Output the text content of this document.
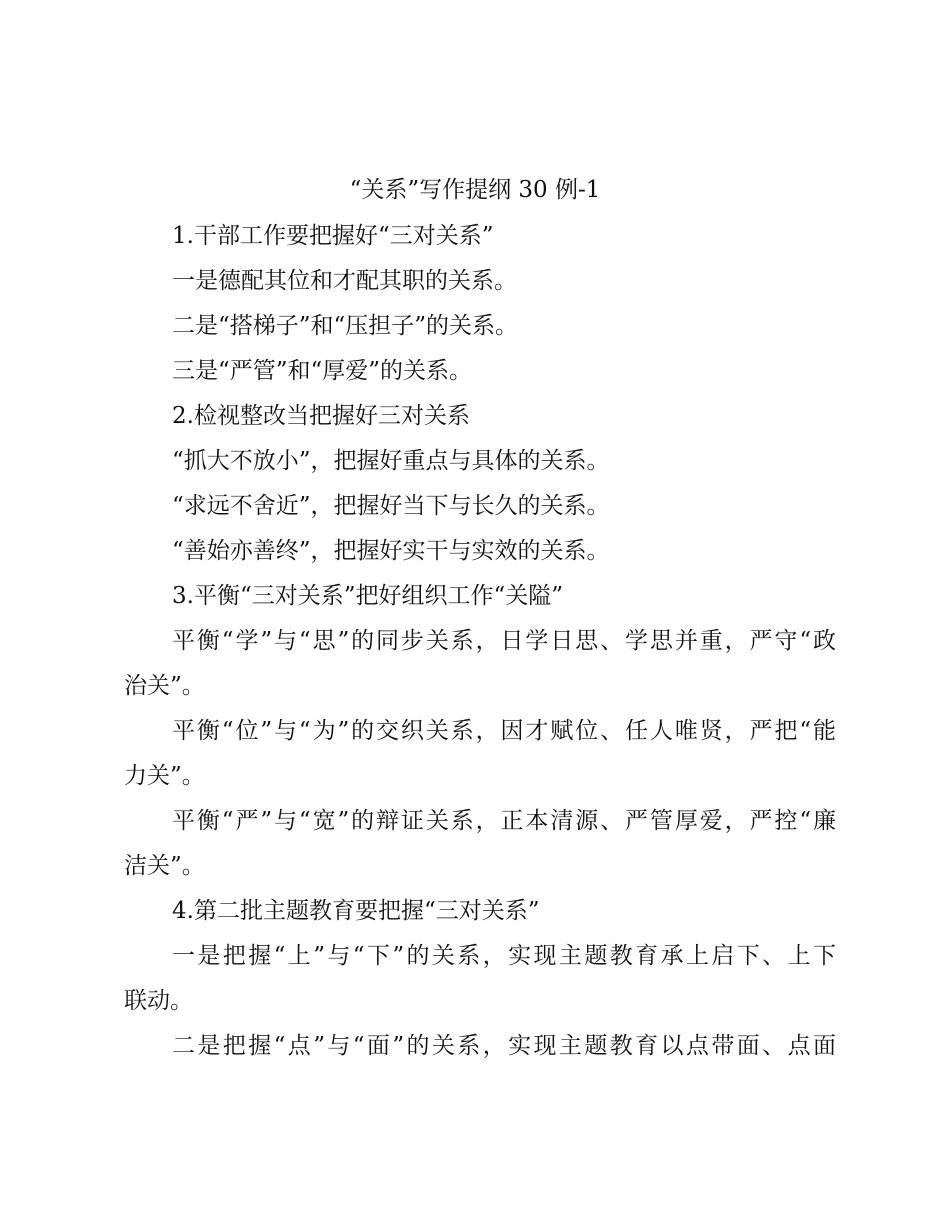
“关系”写作提纲 30 例-1

1.干部工作要把握好“三对关系”

一是德配其位和才配其职的关系。

二是“搭梯子”和“压担子”的关系。

三是“严管”和“厚爱”的关系。

2.检视整改当把握好三对关系

“抓大不放小”，把握好重点与具体的关系。

“求远不舍近”，把握好当下与长久的关系。

“善始亦善终”，把握好实干与实效的关系。

3.平衡“三对关系”把好组织工作“关隘”

平衡“学”与“思”的同步关系，日学日思、学思并重，严守“政

治关”。

平衡“位”与“为”的交织关系，因才赋位、任人唯贤，严把“能

力关”。

平衡“严”与“宽”的辩证关系，正本清源、严管厚爱，严控“廉

洁关”。

4.第二批主题教育要把握“三对关系”

一是把握“上”与“下”的关系，实现主题教育承上启下、上下

联动。

二是把握“点”与“面”的关系，实现主题教育以点带面、点面
